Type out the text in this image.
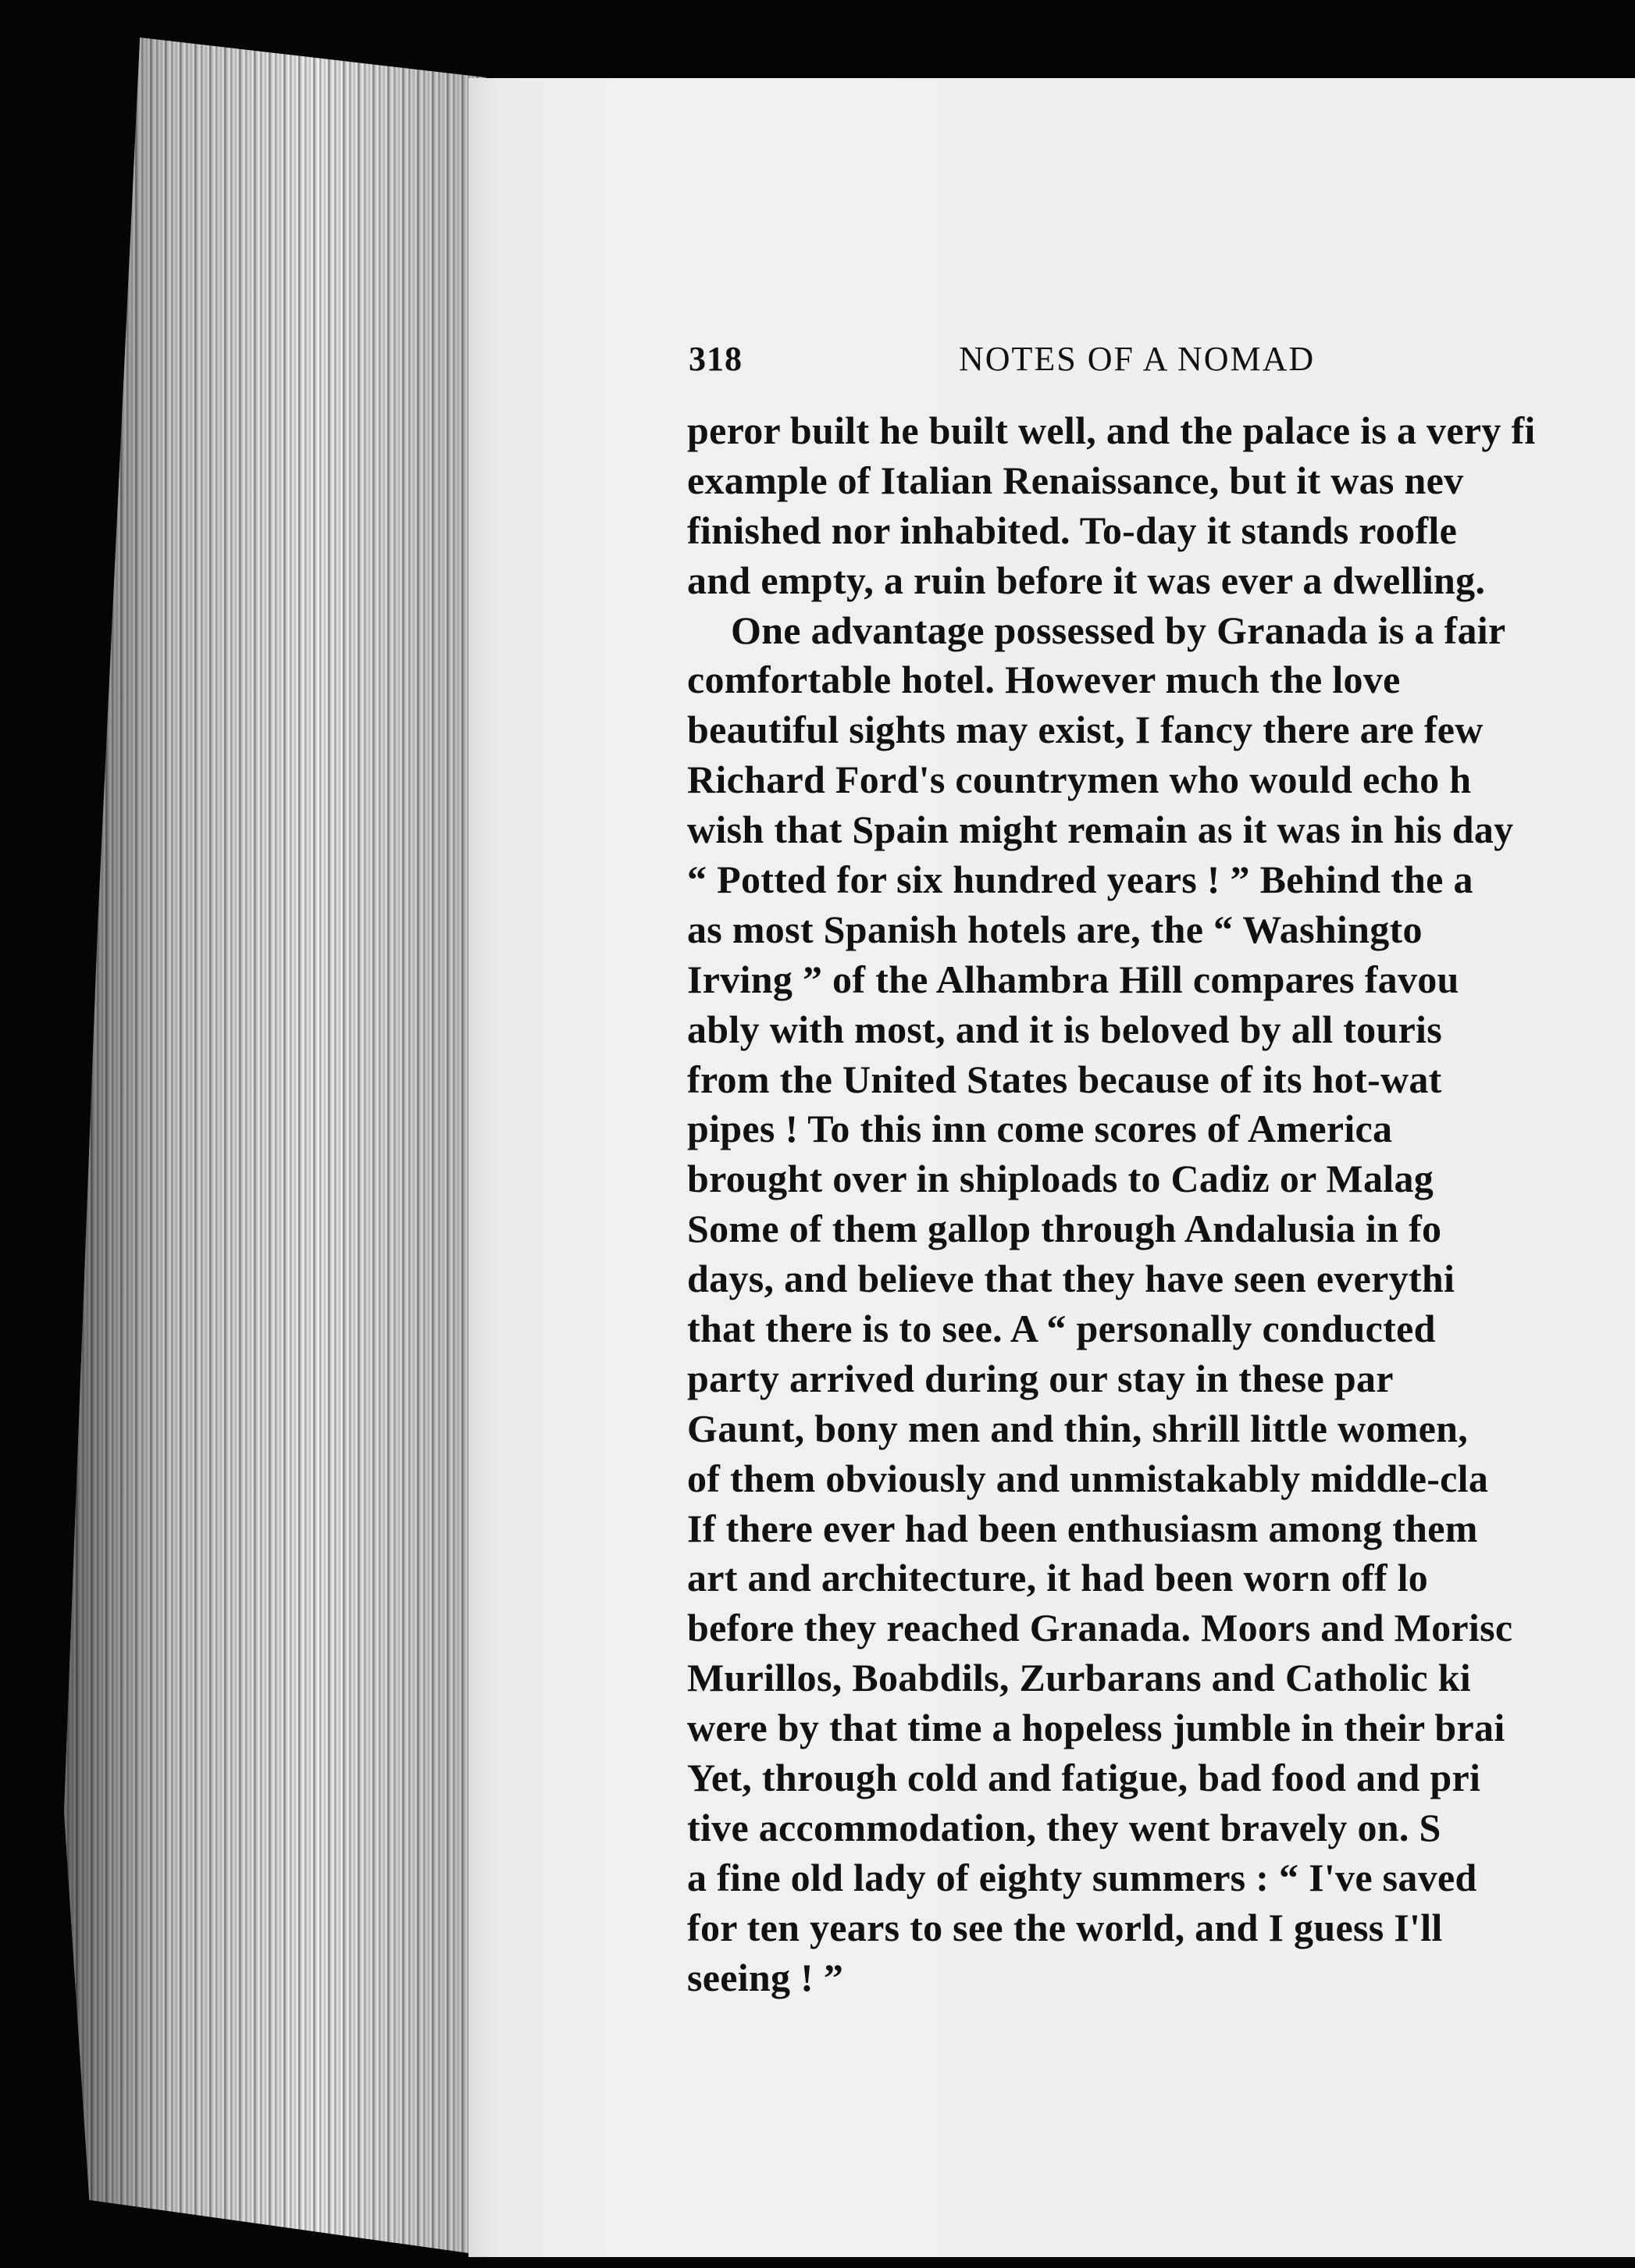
318	NOTES OF A NOMAD
peror built he built well, and the palace is a very fi
example of Italian Renaissance, but it was nev
finished nor inhabited. To-day it stands roofle
and empty, a ruin before it was ever a dwelling.
One advantage possessed by Granada is a fair
comfortable hotel. However much the love
beautiful sights may exist, I fancy there are few
Richard Ford's countrymen who would echo h
wish that Spain might remain as it was in his day
“ Potted for six hundred years ! ” Behind the a
as most Spanish hotels are, the “ Washingto
Irving ” of the Alhambra Hill compares favou
ably with most, and it is beloved by all touris
from the United States because of its hot-wat
pipes ! To this inn come scores of America
brought over in shiploads to Cadiz or Malag
Some of them gallop through Andalusia in fo
days, and believe that they have seen everythi
that there is to see. A “ personally conducted
party arrived during our stay in these par
Gaunt, bony men and thin, shrill little women,
of them obviously and unmistakably middle-cla
If there ever had been enthusiasm among them
art and architecture, it had been worn off lo
before they reached Granada. Moors and Morisc
Murillos, Boabdils, Zurbarans and Catholic ki
were by that time a hopeless jumble in their brai
Yet, through cold and fatigue, bad food and pri
tive accommodation, they went bravely on. S
a fine old lady of eighty summers : “ I've saved
for ten years to see the world, and I guess I'll
seeing ! ”
